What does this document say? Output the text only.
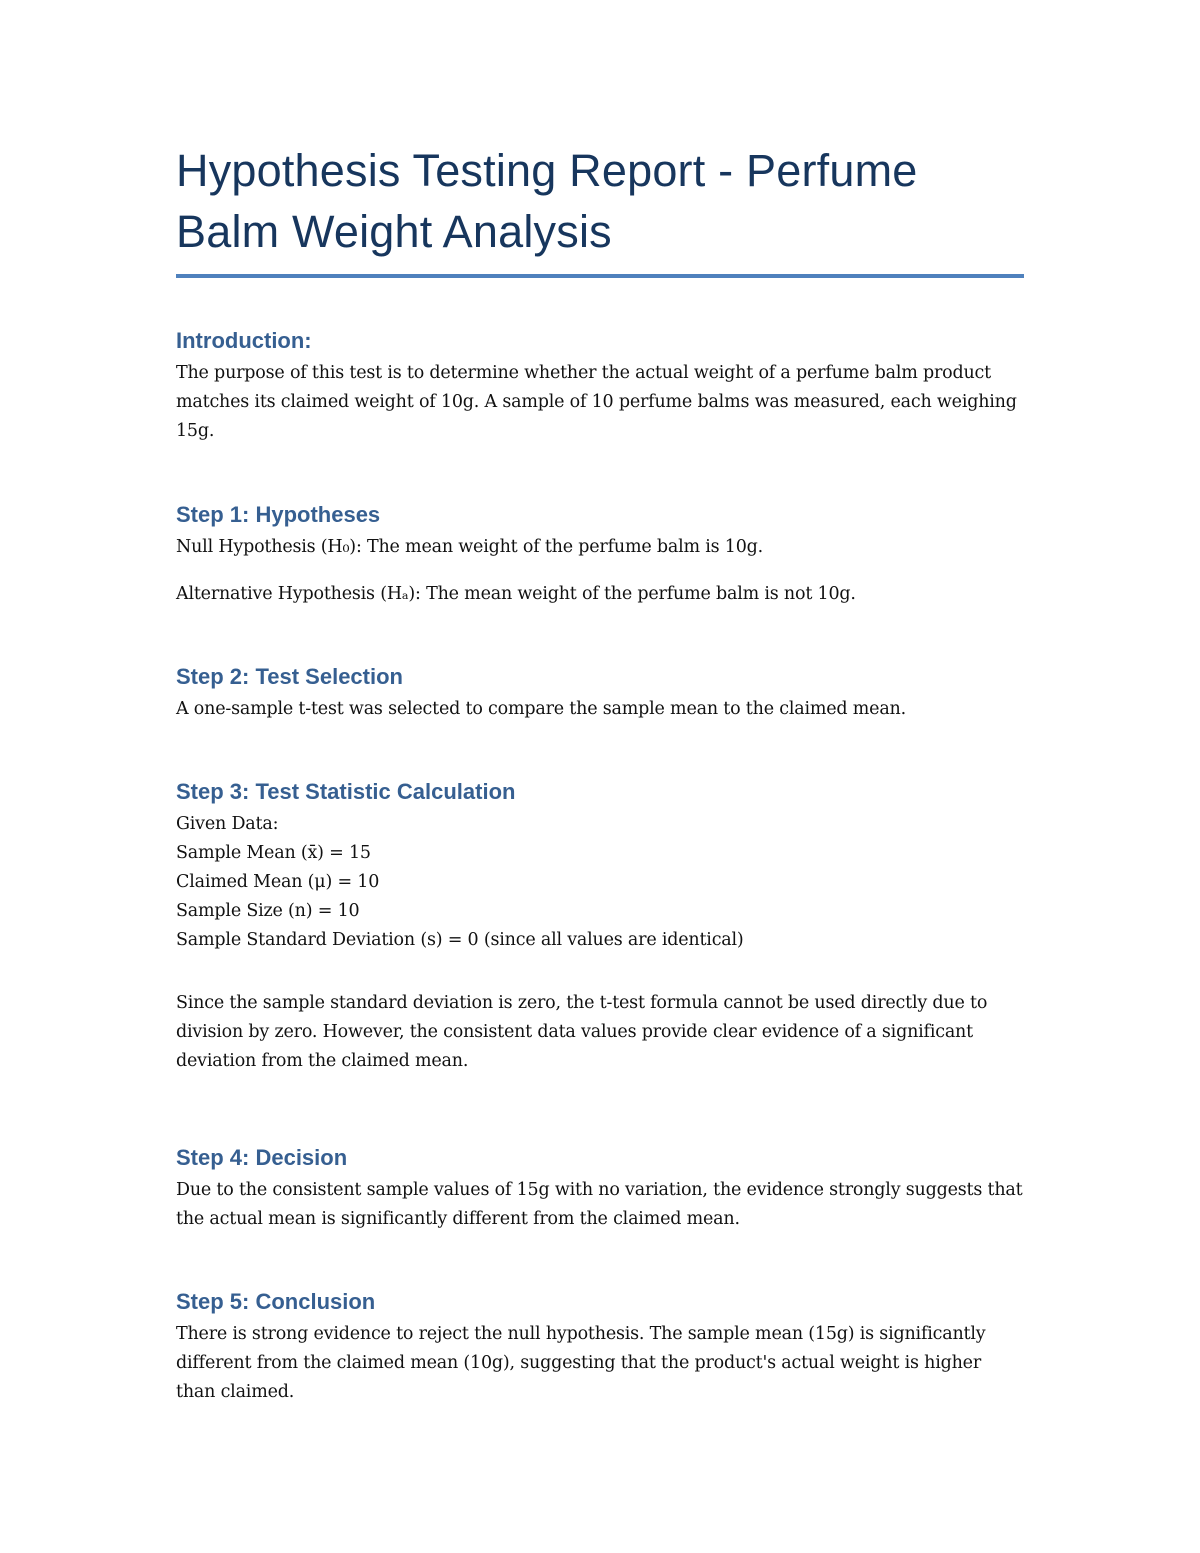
Hypothesis Testing Report - Perfume
Balm Weight Analysis
Introduction:

The purpose of this test is to determine whether the actual weight of a perfume balm product matches its claimed weight of 10g. A sample of 10 perfume balms was measured, each weighing 15g.

Step 1: Hypotheses

Null Hypothesis (H₀): The mean weight of the perfume balm is 10g.

Alternative Hypothesis (Hₐ): The mean weight of the perfume balm is not 10g.

Step 2: Test Selection

A one-sample t-test was selected to compare the sample mean to the claimed mean.

Step 3: Test Statistic Calculation

Given Data:

Sample Mean (x̄) = 15

Claimed Mean (μ) = 10

Sample Size (n) = 10

Sample Standard Deviation (s) = 0 (since all values are identical)

Since the sample standard deviation is zero, the t-test formula cannot be used directly due to division by zero. However, the consistent data values provide clear evidence of a significant deviation from the claimed mean.

Step 4: Decision

Due to the consistent sample values of 15g with no variation, the evidence strongly suggests that the actual mean is significantly different from the claimed mean.

Step 5: Conclusion

There is strong evidence to reject the null hypothesis. The sample mean (15g) is significantly different from the claimed mean (10g), suggesting that the product's actual weight is higher than claimed.
